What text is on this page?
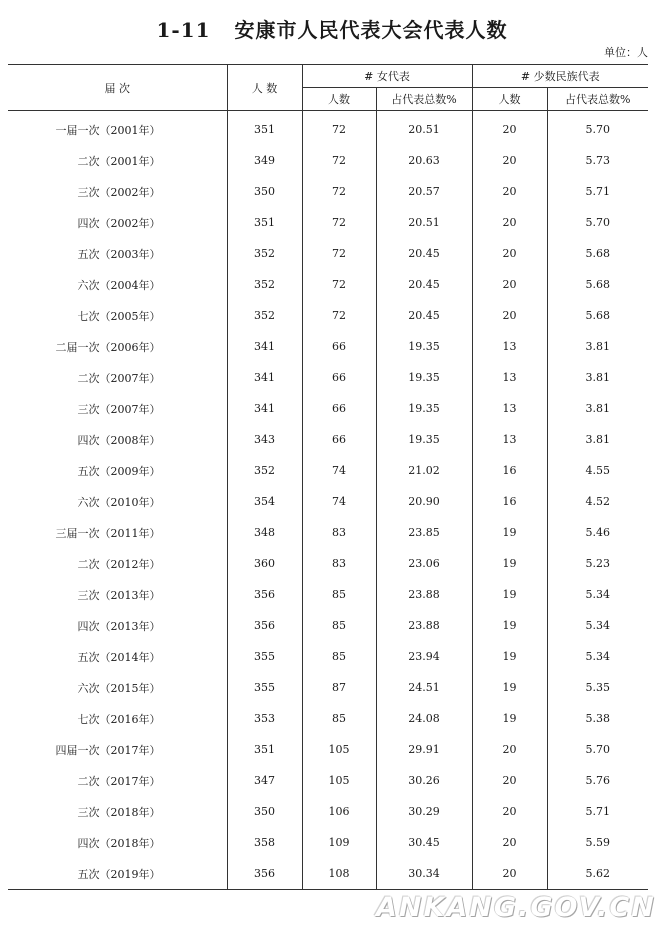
1-11 安康市人民代表大会代表人数
单位：人
届 次	人 数	# 女代表		# 少数民族代表	
		人数	占代表总数%	人数	占代表总数%
一届一次（2001年）	351	72	20.51	20	5.70
二次（2001年）	349	72	20.63	20	5.73
三次（2002年）	350	72	20.57	20	5.71
四次（2002年）	351	72	20.51	20	5.70
五次（2003年）	352	72	20.45	20	5.68
六次（2004年）	352	72	20.45	20	5.68
七次（2005年）	352	72	20.45	20	5.68
二届一次（2006年）	341	66	19.35	13	3.81
二次（2007年）	341	66	19.35	13	3.81
三次（2007年）	341	66	19.35	13	3.81
四次（2008年）	343	66	19.35	13	3.81
五次（2009年）	352	74	21.02	16	4.55
六次（2010年）	354	74	20.90	16	4.52
三届一次（2011年）	348	83	23.85	19	5.46
二次（2012年）	360	83	23.06	19	5.23
三次（2013年）	356	85	23.88	19	5.34
四次（2013年）	356	85	23.88	19	5.34
五次（2014年）	355	85	23.94	19	5.34
六次（2015年）	355	87	24.51	19	5.35
七次（2016年）	353	85	24.08	19	5.38
四届一次（2017年）	351	105	29.91	20	5.70
二次（2017年）	347	105	30.26	20	5.76
三次（2018年）	350	106	30.29	20	5.71
四次（2018年）	358	109	30.45	20	5.59
五次（2019年）	356	108	30.34	20	5.62
ANKANG.GOV.CN
